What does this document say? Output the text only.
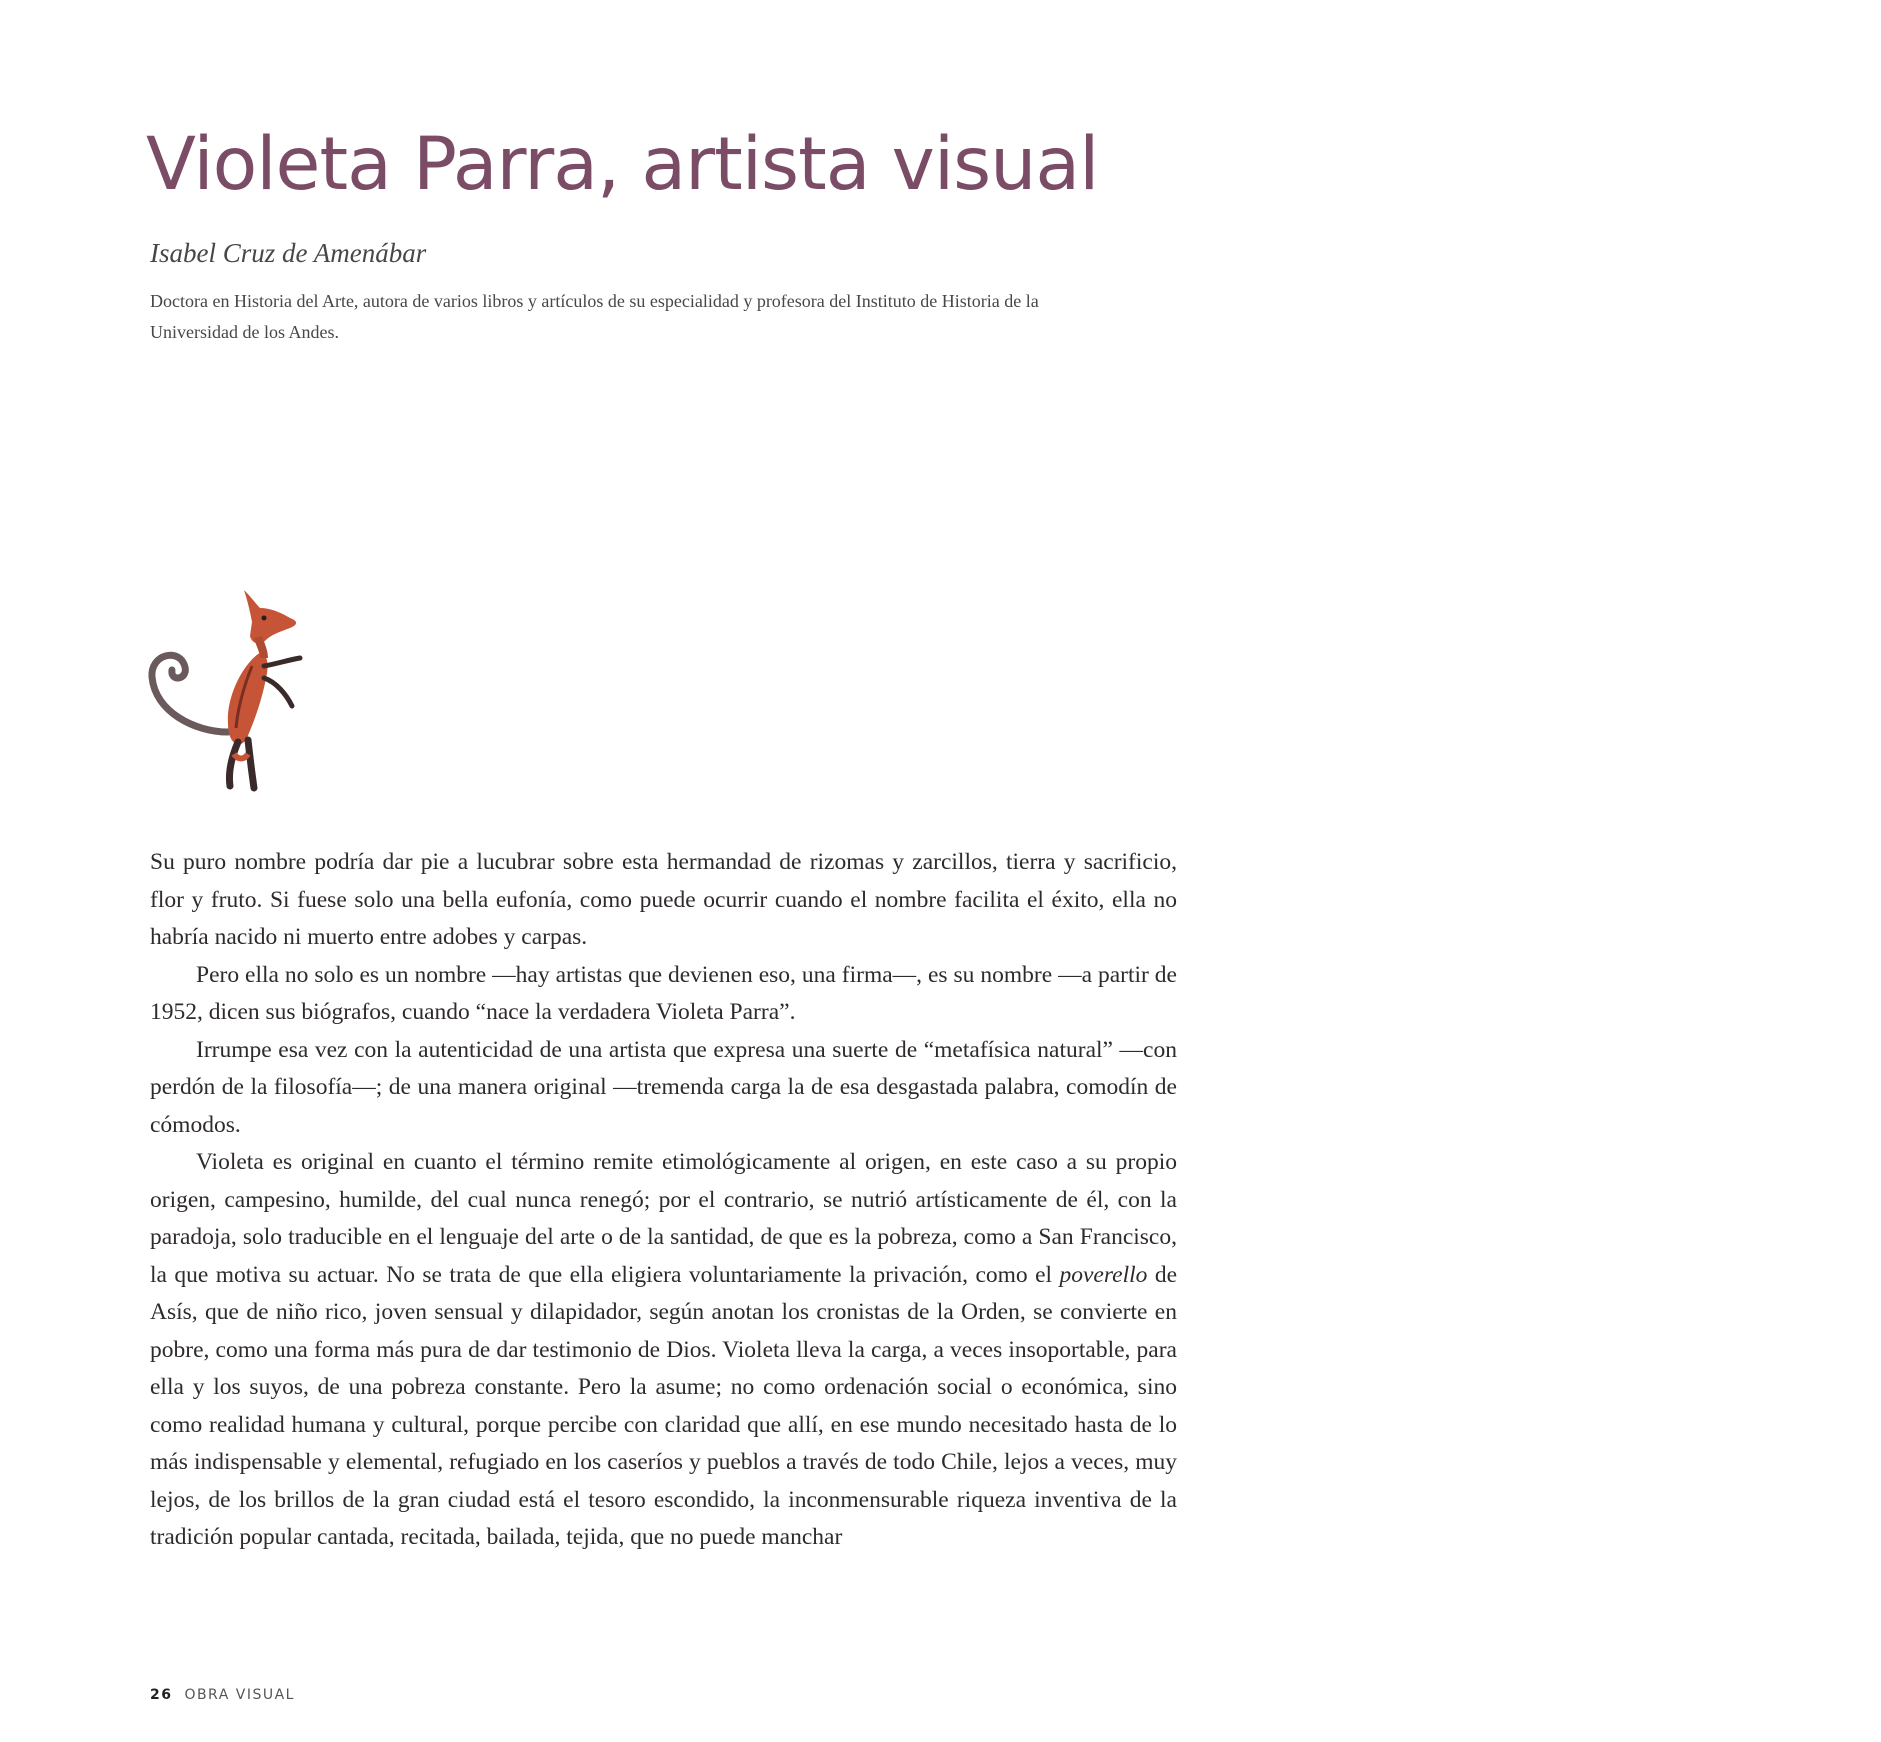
Violeta Parra, artista visual
Isabel Cruz de Amenábar
Doctora en Historia del Arte, autora de varios libros y artículos de su especialidad y profesora del Instituto de Historia de la Universidad de los Andes.

Su puro nombre podría dar pie a lucubrar sobre esta hermandad de rizomas y zarcillos, tierra y sacrificio, flor y fruto. Si fuese solo una bella eufonía, como puede ocurrir cuando el nombre facilita el éxito, ella no habría nacido ni muerto entre adobes y carpas.

Pero ella no solo es un nombre —hay artistas que devienen eso, una firma—, es su nombre —a partir de 1952, dicen sus biógrafos, cuando “nace la verdadera Violeta Parra”.

Irrumpe esa vez con la autenticidad de una artista que expresa una suerte de “metafísica natural” —con perdón de la filosofía—; de una manera original —tremenda carga la de esa desgastada palabra, comodín de cómodos.

Violeta es original en cuanto el término remite etimológicamente al origen, en este caso a su propio origen, campesino, humilde, del cual nunca renegó; por el contrario, se nutrió artísticamente de él, con la paradoja, solo traducible en el lenguaje del arte o de la santidad, de que es la pobreza, como a San Francisco, la que motiva su actuar. No se trata de que ella eligiera voluntariamente la privación, como el poverello de Asís, que de niño rico, joven sensual y dilapidador, según anotan los cronistas de la Orden, se convierte en pobre, como una forma más pura de dar testimonio de Dios. Violeta lleva la carga, a veces insoportable, para ella y los suyos, de una pobreza constante. Pero la asume; no como ordenación social o económica, sino como realidad humana y cultural, porque percibe con claridad que allí, en ese mundo necesitado hasta de lo más indispensable y elemental, refugiado en los caseríos y pueblos a través de todo Chile, lejos a veces, muy lejos, de los brillos de la gran ciudad está el tesoro escondido, la inconmensurable riqueza inventiva de la tradición popular cantada, recitada, bailada, tejida, que no puede manchar

26 OBRA VISUAL
